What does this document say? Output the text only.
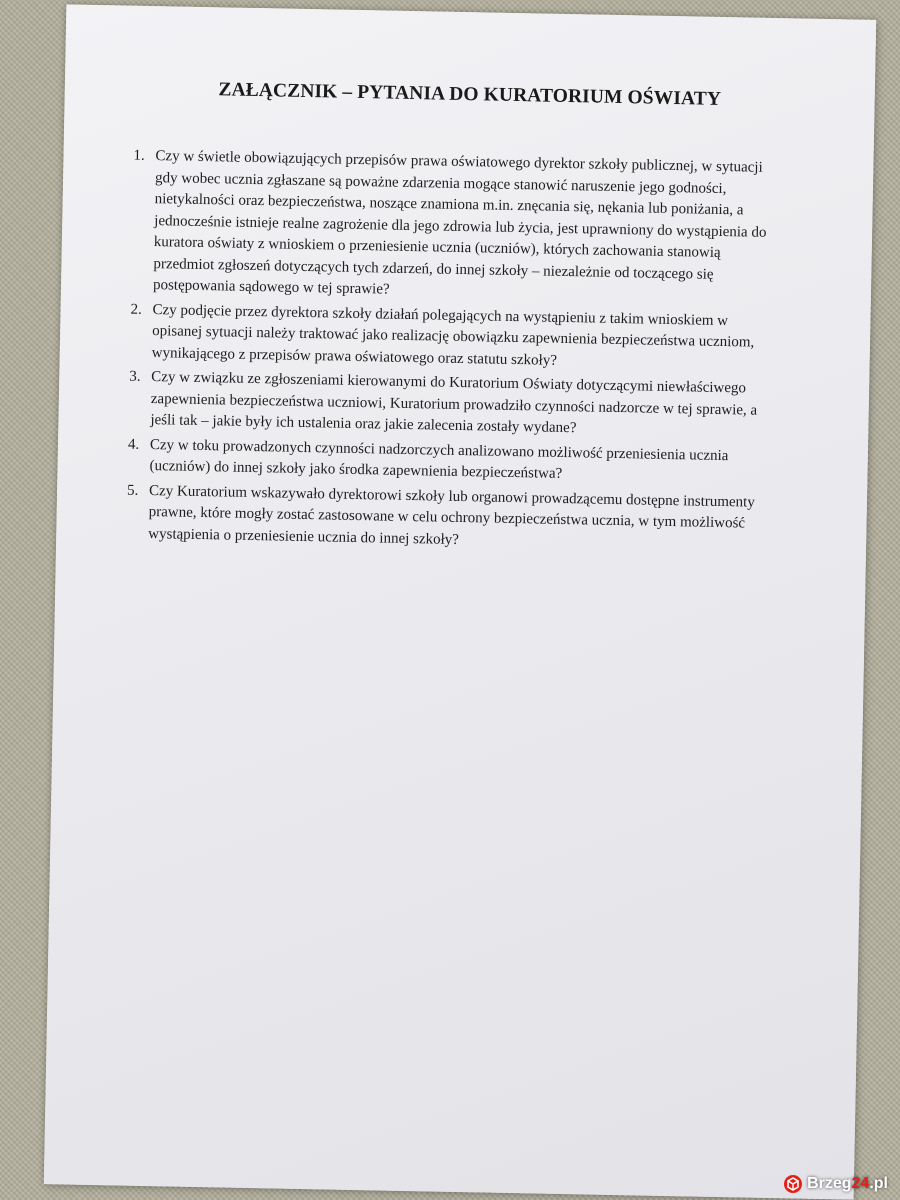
ZAŁĄCZNIK – PYTANIA DO KURATORIUM OŚWIATY
1. Czy w świetle obowiązujących przepisów prawa oświatowego dyrektor szkoły publicznej, w sytuacji gdy wobec ucznia zgłaszane są poważne zdarzenia mogące stanowić naruszenie jego godności, nietykalności oraz bezpieczeństwa, noszące znamiona m.in. znęcania się, nękania lub poniżania, a jednocześnie istnieje realne zagrożenie dla jego zdrowia lub życia, jest uprawniony do wystąpienia do kuratora oświaty z wnioskiem o przeniesienie ucznia (uczniów), których zachowania stanowią przedmiot zgłoszeń dotyczących tych zdarzeń, do innej szkoły – niezależnie od toczącego się postępowania sądowego w tej sprawie?
2. Czy podjęcie przez dyrektora szkoły działań polegających na wystąpieniu z takim wnioskiem w opisanej sytuacji należy traktować jako realizację obowiązku zapewnienia bezpieczeństwa uczniom, wynikającego z przepisów prawa oświatowego oraz statutu szkoły?
3. Czy w związku ze zgłoszeniami kierowanymi do Kuratorium Oświaty dotyczącymi niewłaściwego zapewnienia bezpieczeństwa uczniowi, Kuratorium prowadziło czynności nadzorcze w tej sprawie, a jeśli tak – jakie były ich ustalenia oraz jakie zalecenia zostały wydane?
4. Czy w toku prowadzonych czynności nadzorczych analizowano możliwość przeniesienia ucznia (uczniów) do innej szkoły jako środka zapewnienia bezpieczeństwa?
5. Czy Kuratorium wskazywało dyrektorowi szkoły lub organowi prowadzącemu dostępne instrumenty prawne, które mogły zostać zastosowane w celu ochrony bezpieczeństwa ucznia, w tym możliwość wystąpienia o przeniesienie ucznia do innej szkoły?
Brzeg24.pl
